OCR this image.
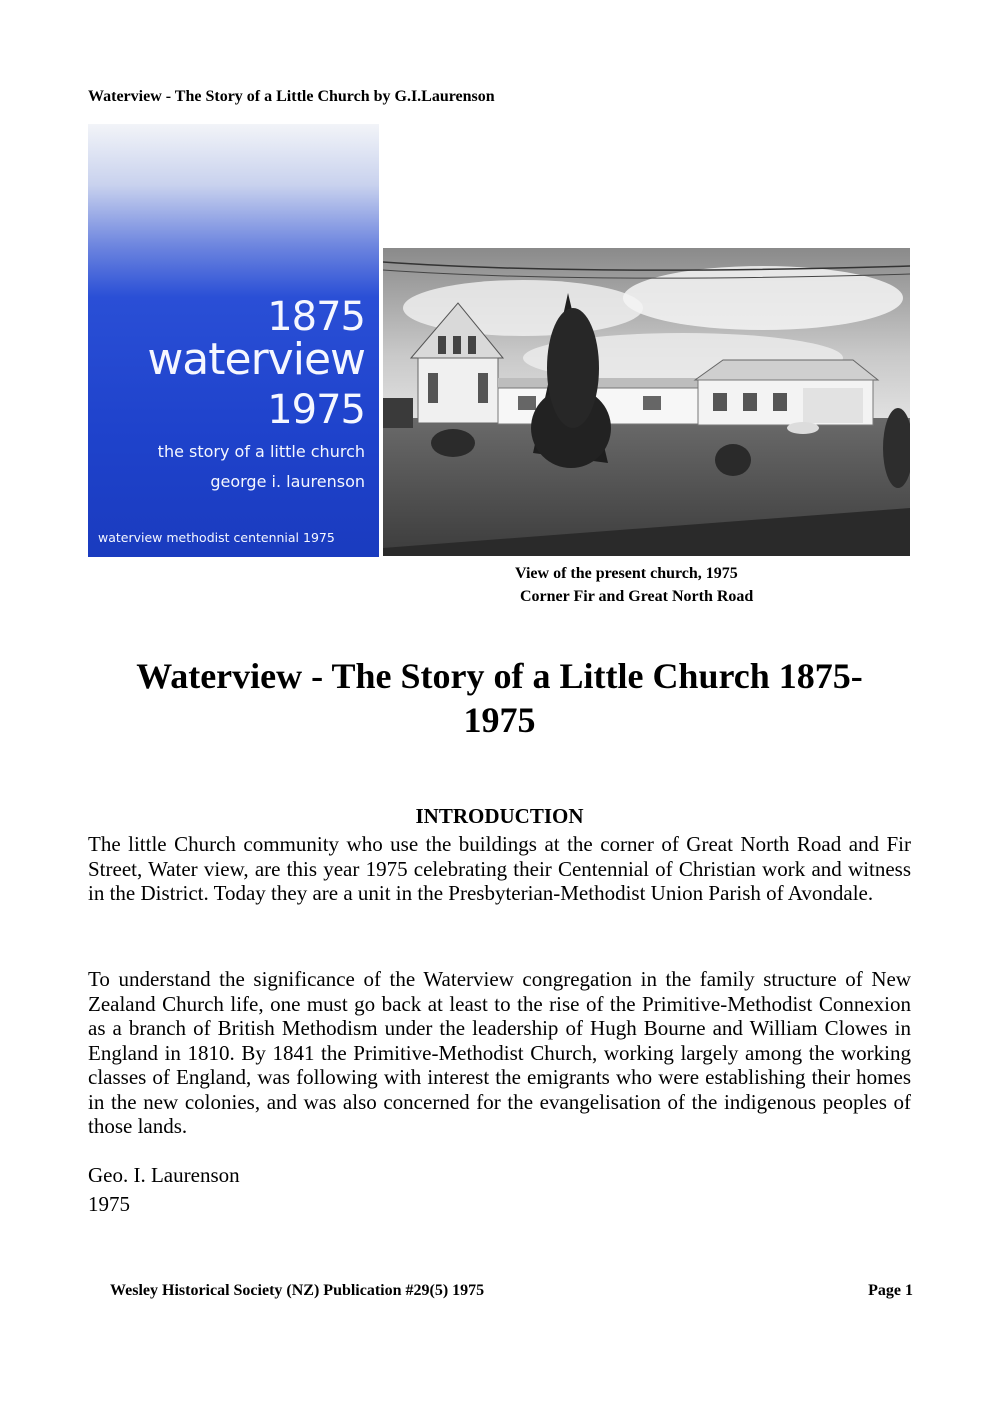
Waterview - The Story of a Little Church by G.I.Laurenson
1875
waterview
1975
the story of a little church
george i. laurenson
waterview methodist centennial 1975
View of the present church, 1975
Corner Fir and Great North Road
Waterview - The Story of a Little Church 1875-
1975
INTRODUCTION

The little Church community who use the buildings at the corner of Great North Road and Fir Street, Water view, are this year 1975 celebrating their Centennial of Christian work and witness in the District. Today they are a unit in the Presbyterian-Methodist Union Parish of Avondale.

To understand the significance of the Waterview congregation in the family structure of New Zealand Church life, one must go back at least to the rise of the Primitive-Methodist Connexion as a branch of British Methodism under the leadership of Hugh Bourne and William Clowes in England in 1810. By 1841 the Primitive-Methodist Church, working largely among the working classes of England, was following with interest the emigrants who were establishing their homes in the new colonies, and was also concerned for the evangelisation of the indigenous peoples of those lands.

Geo. I. Laurenson
1975
Wesley Historical Society (NZ) Publication #29(5) 1975	Page 1
